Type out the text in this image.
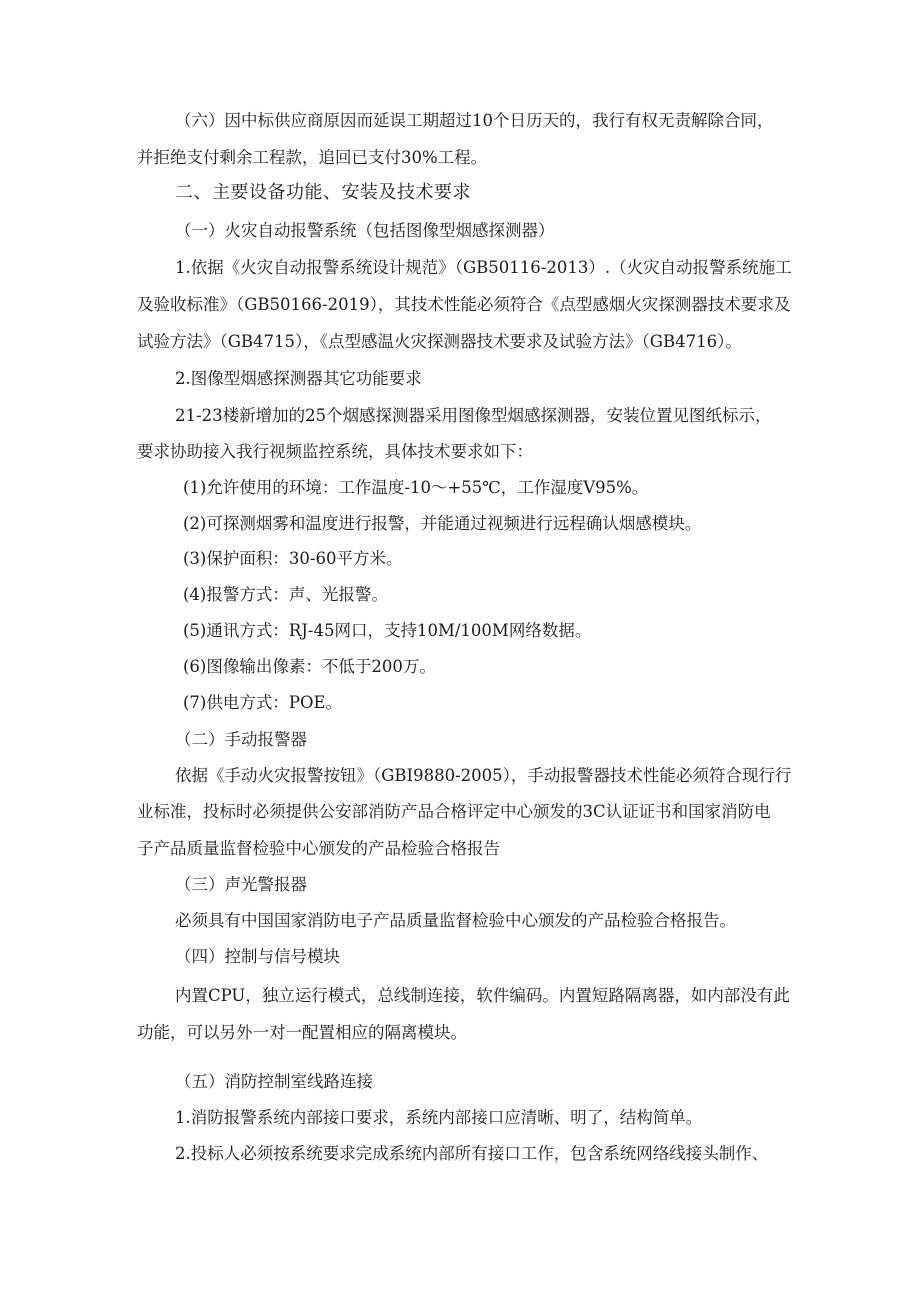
（六）因中标供应商原因而延误工期超过10个日历天的，我行有权无责解除合同，
并拒绝支付剩余工程款，追回已支付30%工程。
二、主要设备功能、安装及技术要求
（一）火灾自动报警系统（包括图像型烟感探测器）
1.依据《火灾自动报警系统设计规范》（GB50116-2013）.（火灾自动报警系统施工
及验收标准》（GB50166-2019），其技术性能必须符合《点型感烟火灾探测器技术要求及
试验方法》（GB4715），《点型感温火灾探测器技术要求及试验方法》（GB4716）。
2.图像型烟感探测器其它功能要求
21-23楼新增加的25个烟感探测器采用图像型烟感探测器，安装位置见图纸标示，
要求协助接入我行视频监控系统，具体技术要求如下：
(1)允许使用的环境：工作温度-10～+55℃，工作湿度V95%。
(2)可探测烟雾和温度进行报警，并能通过视频进行远程确认烟感模块。
(3)保护面积：30-60平方米。
(4)报警方式：声、光报警。
(5)通讯方式：RJ-45网口，支持10M/100M网络数据。
(6)图像输出像素：不低于200万。
(7)供电方式：POE。
（二）手动报警器
依据《手动火灾报警按钮》（GBI9880-2005），手动报警器技术性能必须符合现行行
业标准，投标时必须提供公安部消防产品合格评定中心颁发的3C认证证书和国家消防电
子产品质量监督检验中心颁发的产品检验合格报告
（三）声光警报器
必须具有中国国家消防电子产品质量监督检验中心颁发的产品检验合格报告。
（四）控制与信号模块
内置CPU，独立运行模式，总线制连接，软件编码。内置短路隔离器，如内部没有此
功能，可以另外一对一配置相应的隔离模块。
（五）消防控制室线路连接
1.消防报警系统内部接口要求，系统内部接口应清晰、明了，结构简单。
2.投标人必须按系统要求完成系统内部所有接口工作，包含系统网络线接头制作、
